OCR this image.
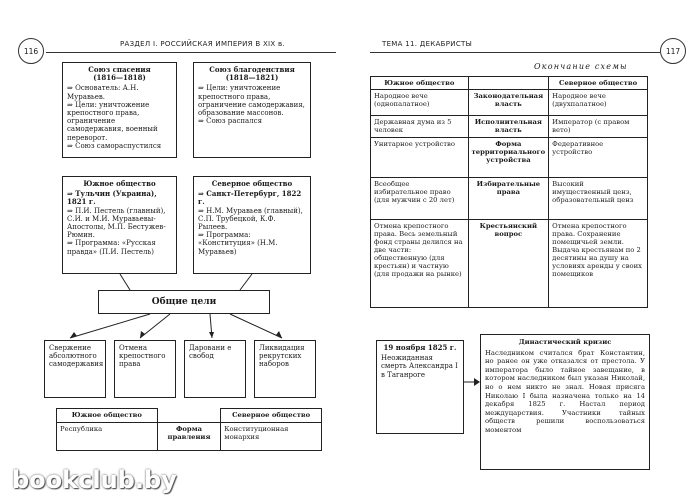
116
РАЗДЕЛ I. РОССИЙСКАЯ ИМПЕРИЯ В XIX в.
Союз спасения
(1816—1818)
⇒ Основатель: А.Н. Муравьев.
⇒ Цели: уничтожение крепостного права, ограничение самодержавия, военный переворот.
⇒ Союз самораспустился
Союз благоденствия
(1818—1821)
⇒ Цели: уничтожение крепостного права, ограничение самодержавия, образование массонов.
⇒ Союз распался
Южное общество
⇒ Тульчин (Украина), 1821 г.
⇒ П.И. Пестель (главный), С.И. и М.И. Муравьевы-Апостолы, М.П. Бестужев-Рюмин.
⇒ Программа: «Русская правда» (П.И. Пестель)
Северное общество
⇒ Санкт-Петербург, 1822 г.
⇒ Н.М. Муравьев (главный), С.П. Трубецкой, К.Ф. Рылеев.
⇒ Программа: «Конституция» (Н.М. Муравьев)
Общие цели
Свержение абсолютного самодержавия
Отмена крепостного права
Даровани е свобод
Ликвидация рекрутских наборов
Южное общество		Северное общество
Республика	Форма правления	Конституционная монархия
117
ТЕМА 11. ДЕКАБРИСТЫ
Окончание схемы
Южное общество		Северное общество
Народное вече (однопалатное)	Законодательная власть	Народное вече (двухпалатное)
Державная дума из 5 человек	Исполнительная власть	Император (с правом вето)
Унитарное устройство	Форма территориального устройства	Федеративное устройство
Всеобщее избирательное право (для мужчин с 20 лет)	Избирательные права	Высокий имущественный ценз, образовательный ценз
Отмена крепостного права. Весь земельный фонд страны делился на две части: общественную (для крестьян) и частную (для продажи на рынке)	Крестьянский вопрос	Отмена крепостного права. Сохранение помещичьей земли. Выдача крестьянам по 2 десятины на душу на условиях аренды у своих помещиков
19 ноября 1825 г.
Неожиданная смерть Александра I в Таганроге
Династический кризис
Наследником считался брат Константин, но ранее он уже отказался от престола. У императора было тайное завещание, в котором наследником был указан Николай, но о нем никто не знал. Новая присяга Николаю I была назначена только на 14 декабря 1825 г. Настал период междуцарствия. Участники тайных обществ решили воспользоваться моментом
bookclub.by
